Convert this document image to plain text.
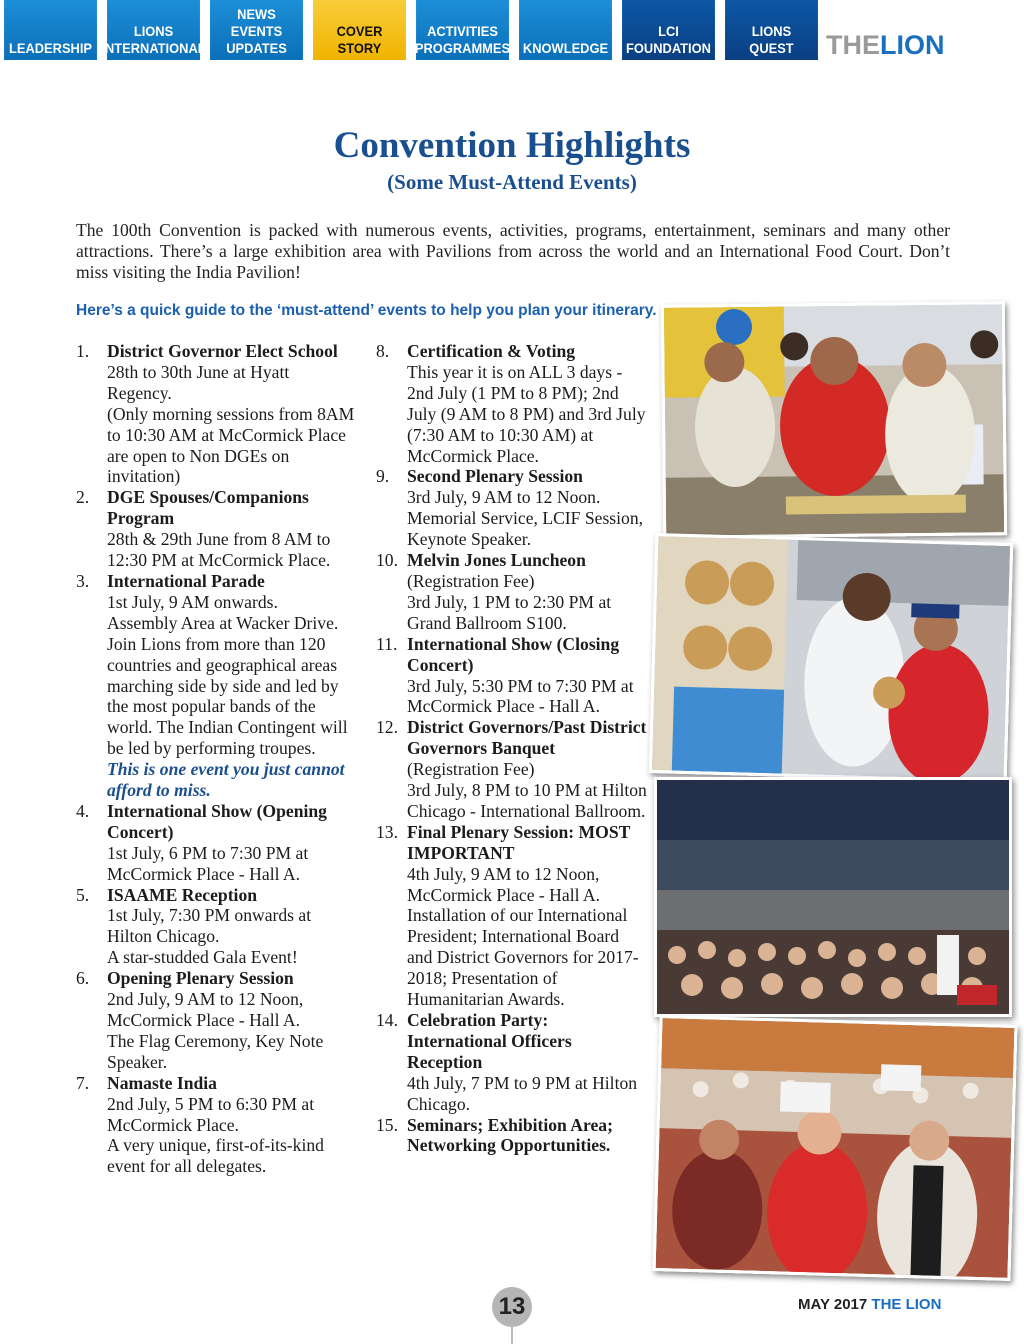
LEADERSHIP
LIONS
INTERNATIONAL
NEWS
EVENTS
UPDATES
COVER STORY
ACTIVITIES
PROGRAMMES KNOWLEDGE
LCI
FOUNDATION
LIONS
QUEST THELION
Convention Highlights
(Some Must-Attend Events)
The 100th Convention is packed with numerous events, activities, programs, entertainment, seminars and many other attractions. There’s a large exhibition area with Pavilions from across the world and an International Food Court. Don’t miss visiting the India Pavilion!
Here’s a quick guide to the ‘must-attend’ events to help you plan your itinerary.
1.	District Governor Elect School
28th to 30th June at Hyatt Regency.
(Only morning sessions from 8AM to 10:30 AM at McCormick Place are open to Non DGEs on invitation)
2.	DGE Spouses/Companions Program
28th & 29th June from 8 AM to 12:30 PM at McCormick Place.
3.	International Parade
1st July, 9 AM onwards.
Assembly Area at Wacker Drive.
Join Lions from more than 120 countries and geographical areas marching side by side and led by the most popular bands of the world. The Indian Contingent will be led by performing troupes.
This is one event you just cannot afford to miss.
4.	International Show (Opening Concert)
1st July, 6 PM to 7:30 PM at McCormick Place - Hall A.
5.	ISAAME Reception
1st July, 7:30 PM onwards at Hilton Chicago.
A star-studded Gala Event!
6.	Opening Plenary Session
2nd July, 9 AM to 12 Noon, McCormick Place - Hall A.
The Flag Ceremony, Key Note Speaker.
7.	Namaste India
2nd July, 5 PM to 6:30 PM at McCormick Place.
A very unique, first-of-its-kind event for all delegates.
8.	Certification & Voting
This year it is on ALL 3 days - 2nd July (1 PM to 8 PM); 2nd July (9 AM to 8 PM) and 3rd July (7:30 AM to 10:30 AM) at McCormick Place.
9.	Second Plenary Session
3rd July, 9 AM to 12 Noon.
Memorial Service, LCIF Session, Keynote Speaker.
10. Melvin Jones Luncheon
(Registration Fee)
3rd July, 1 PM to 2:30 PM at Grand Ballroom S100.
11. International Show (Closing Concert)
3rd July, 5:30 PM to 7:30 PM at McCormick Place - Hall A.
12. District Governors/Past District Governors Banquet
(Registration Fee)
3rd July, 8 PM to 10 PM at Hilton Chicago - International Ballroom.
13. Final Plenary Session: MOST IMPORTANT
4th July, 9 AM to 12 Noon, McCormick Place - Hall A.
Installation of our International President; International Board and District Governors for 2017-2018; Presentation of Humanitarian Awards.
14. Celebration Party: International Officers Reception
4th July, 7 PM to 9 PM at Hilton Chicago.
15. Seminars; Exhibition Area; Networking Opportunities.
13	MAY 2017 THE LION
